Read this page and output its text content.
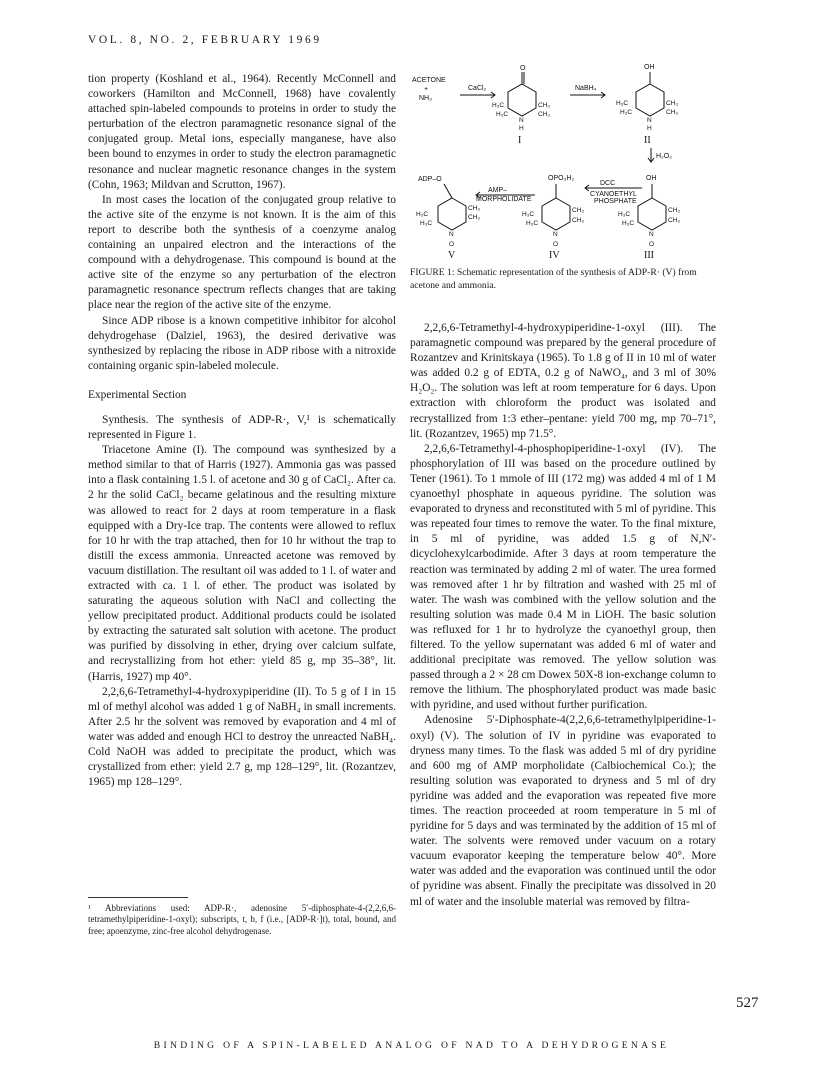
VOL. 8, NO. 2, FEBRUARY 1969

tion property (Koshland et al., 1964). Recently McConnell and coworkers (Hamilton and McConnell, 1968) have covalently attached spin-labeled compounds to proteins in order to study the perturbation of the electron paramagnetic resonance signal of the conjugated group. Metal ions, especially manganese, have also been bound to enzymes in order to study the electron paramagnetic resonance and nuclear magnetic resonance changes in the system (Cohn, 1963; Mildvan and Scrutton, 1967).

In most cases the location of the conjugated group relative to the active site of the enzyme is not known. It is the aim of this report to describe both the synthesis of a coenzyme analog containing an unpaired electron and the interactions of the compound with a dehydrogenase. This compound is bound at the active site of the enzyme so any perturbation of the electron paramagnetic resonance spectrum reflects changes that are taking place near the region of the active site of the enzyme.

Since ADP ribose is a known competitive inhibitor for alcohol dehydrogehase (Dalziel, 1963), the desired derivative was synthesized by replacing the ribose in ADP ribose with a nitroxide containing organic spin-labeled molecule.

Experimental Section

Synthesis. The synthesis of ADP-R·, V,¹ is schematically represented in Figure 1.

Triacetone Amine (I). The compound was synthesized by a method similar to that of Harris (1927). Ammonia gas was passed into a flask containing 1.5 l. of acetone and 30 g of CaCl₂. After ca. 2 hr the solid CaCl₂ became gelatinous and the resulting mixture was allowed to react for 2 days at room temperature in a flask equipped with a Dry-Ice trap. The contents were allowed to reflux for 10 hr with the trap attached, then for 10 hr without the trap to distill the excess ammonia. Unreacted acetone was removed by vacuum distillation. The resultant oil was added to 1 l. of water and extracted with ca. 1 l. of ether. The product was isolated by saturating the aqueous solution with NaCl and collecting the yellow precipitated product. Additional products could be isolated by extracting the saturated salt solution with acetone. The product was purified by dissolving in ether, drying over calcium sulfate, and recrystallizing from hot ether: yield 85 g, mp 35–38°, lit. (Harris, 1927) mp 40°.

2,2,6,6-Tetramethyl-4-hydroxypiperidine (II). To 5 g of I in 15 ml of methyl alcohol was added 1 g of NaBH₄ in small increments. After 2.5 hr the solvent was removed by evaporation and 4 ml of water was added and enough HCl to destroy the unreacted NaBH₄. Cold NaOH was added to precipitate the product, which was crystallized from ether: yield 2.7 g, mp 128–129°, lit. (Rozantzev, 1965) mp 128–129°.

¹ Abbreviations used: ADP-R·, adenosine 5′-diphosphate-4-(2,2,6,6-tetramethylpiperidine-1-oxyl); subscripts, t, b, f (i.e., [ADP-R·]t), total, bound, and free; apoenzyme, zinc-free alcohol dehydrogenase.
ACETONE
+
NH₃
CaCl₂
O
H₃C
H₃C
CH₃
CH₃
N
H
I
NaBH₄
OH
H₃C
H₃C
CH₃
CH₃
N
H
II
H₂O₂
ADP–O
H₃C
H₃C
CH₃
CH₃
N
O
V
AMP–
MORPHOLIDATE
OPO₃H₂
H₃C
H₃C
CH₃
CH₃
N
O
IV
DCC
CYANOETHYL
PHOSPHATE
OH
H₃C
H₃C
CH₃
CH₃
N
O
III
FIGURE 1: Schematic representation of the synthesis of ADP-R· (V) from acetone and ammonia.

2,2,6,6-Tetramethyl-4-hydroxypiperidine-1-oxyl (III). The paramagnetic compound was prepared by the general procedure of Rozantzev and Krinitskaya (1965). To 1.8 g of II in 10 ml of water was added 0.2 g of EDTA, 0.2 g of NaWO₄, and 3 ml of 30% H₂O₂. The solution was left at room temperature for 6 days. Upon extraction with chloroform the product was isolated and recrystallized from 1:3 ether–pentane: yield 700 mg, mp 70–71°, lit. (Rozantzev, 1965) mp 71.5°.

2,2,6,6-Tetramethyl-4-phosphopiperidine-1-oxyl (IV). The phosphorylation of III was based on the procedure outlined by Tener (1961). To 1 mmole of III (172 mg) was added 4 ml of 1 M cyanoethyl phosphate in aqueous pyridine. The solution was evaporated to dryness and reconstituted with 5 ml of pyridine. This was repeated four times to remove the water. To the final mixture, in 5 ml of pyridine, was added 1.5 g of N,N′-dicyclohexylcarbodimide. After 3 days at room temperature the reaction was terminated by adding 2 ml of water. The urea formed was removed after 1 hr by filtration and washed with 25 ml of water. The wash was combined with the yellow solution and the resulting solution was made 0.4 M in LiOH. The basic solution was refluxed for 1 hr to hydrolyze the cyanoethyl group, then filtered. To the yellow supernatant was added 6 ml of water and additional precipitate was removed. The yellow solution was passed through a 2 × 28 cm Dowex 50X-8 ion-exchange column to remove the lithium. The phosphorylated product was made basic with pyridine, and used without further purification.

Adenosine 5′-Diphosphate-4(2,2,6,6-tetramethylpiperidine-1-oxyl) (V). The solution of IV in pyridine was evaporated to dryness many times. To the flask was added 5 ml of dry pyridine and 600 mg of AMP morpholidate (Calbiochemical Co.); the resulting solution was evaporated to dryness and 5 ml of dry pyridine was added and the evaporation was repeated five more times. The reaction proceeded at room temperature in 5 ml of pyridine for 5 days and was terminated by the addition of 15 ml of water. The solvents were removed under vacuum on a rotary vacuum evaporator keeping the temperature below 40°. More water was added and the evaporation was continued until the odor of pyridine was absent. Finally the precipitate was dissolved in 20 ml of water and the insoluble material was removed by filtra-

527
BINDING OF A SPIN-LABELED ANALOG OF NAD TO A DEHYDROGENASE
